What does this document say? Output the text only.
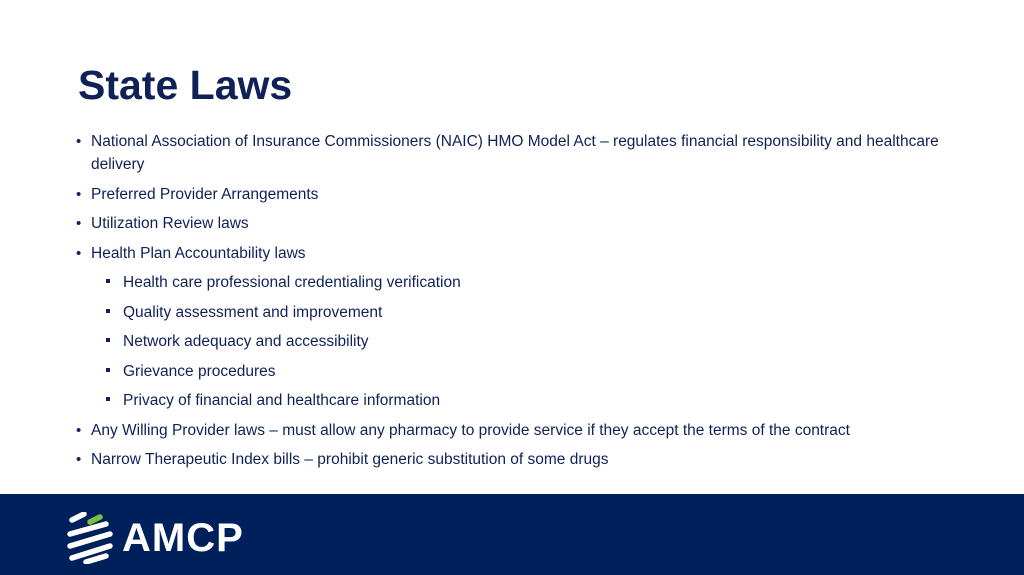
State Laws
• National Association of Insurance Commissioners (NAIC) HMO Model Act – regulates financial responsibility and healthcare delivery
• Preferred Provider Arrangements
• Utilization Review laws
• Health Plan Accountability laws
Health care professional credentialing verification
Quality assessment and improvement
Network adequacy and accessibility
Grievance procedures
Privacy of financial and healthcare information
• Any Willing Provider laws – must allow any pharmacy to provide service if they accept the terms of the contract
• Narrow Therapeutic Index bills – prohibit generic substitution of some drugs
AMCP
